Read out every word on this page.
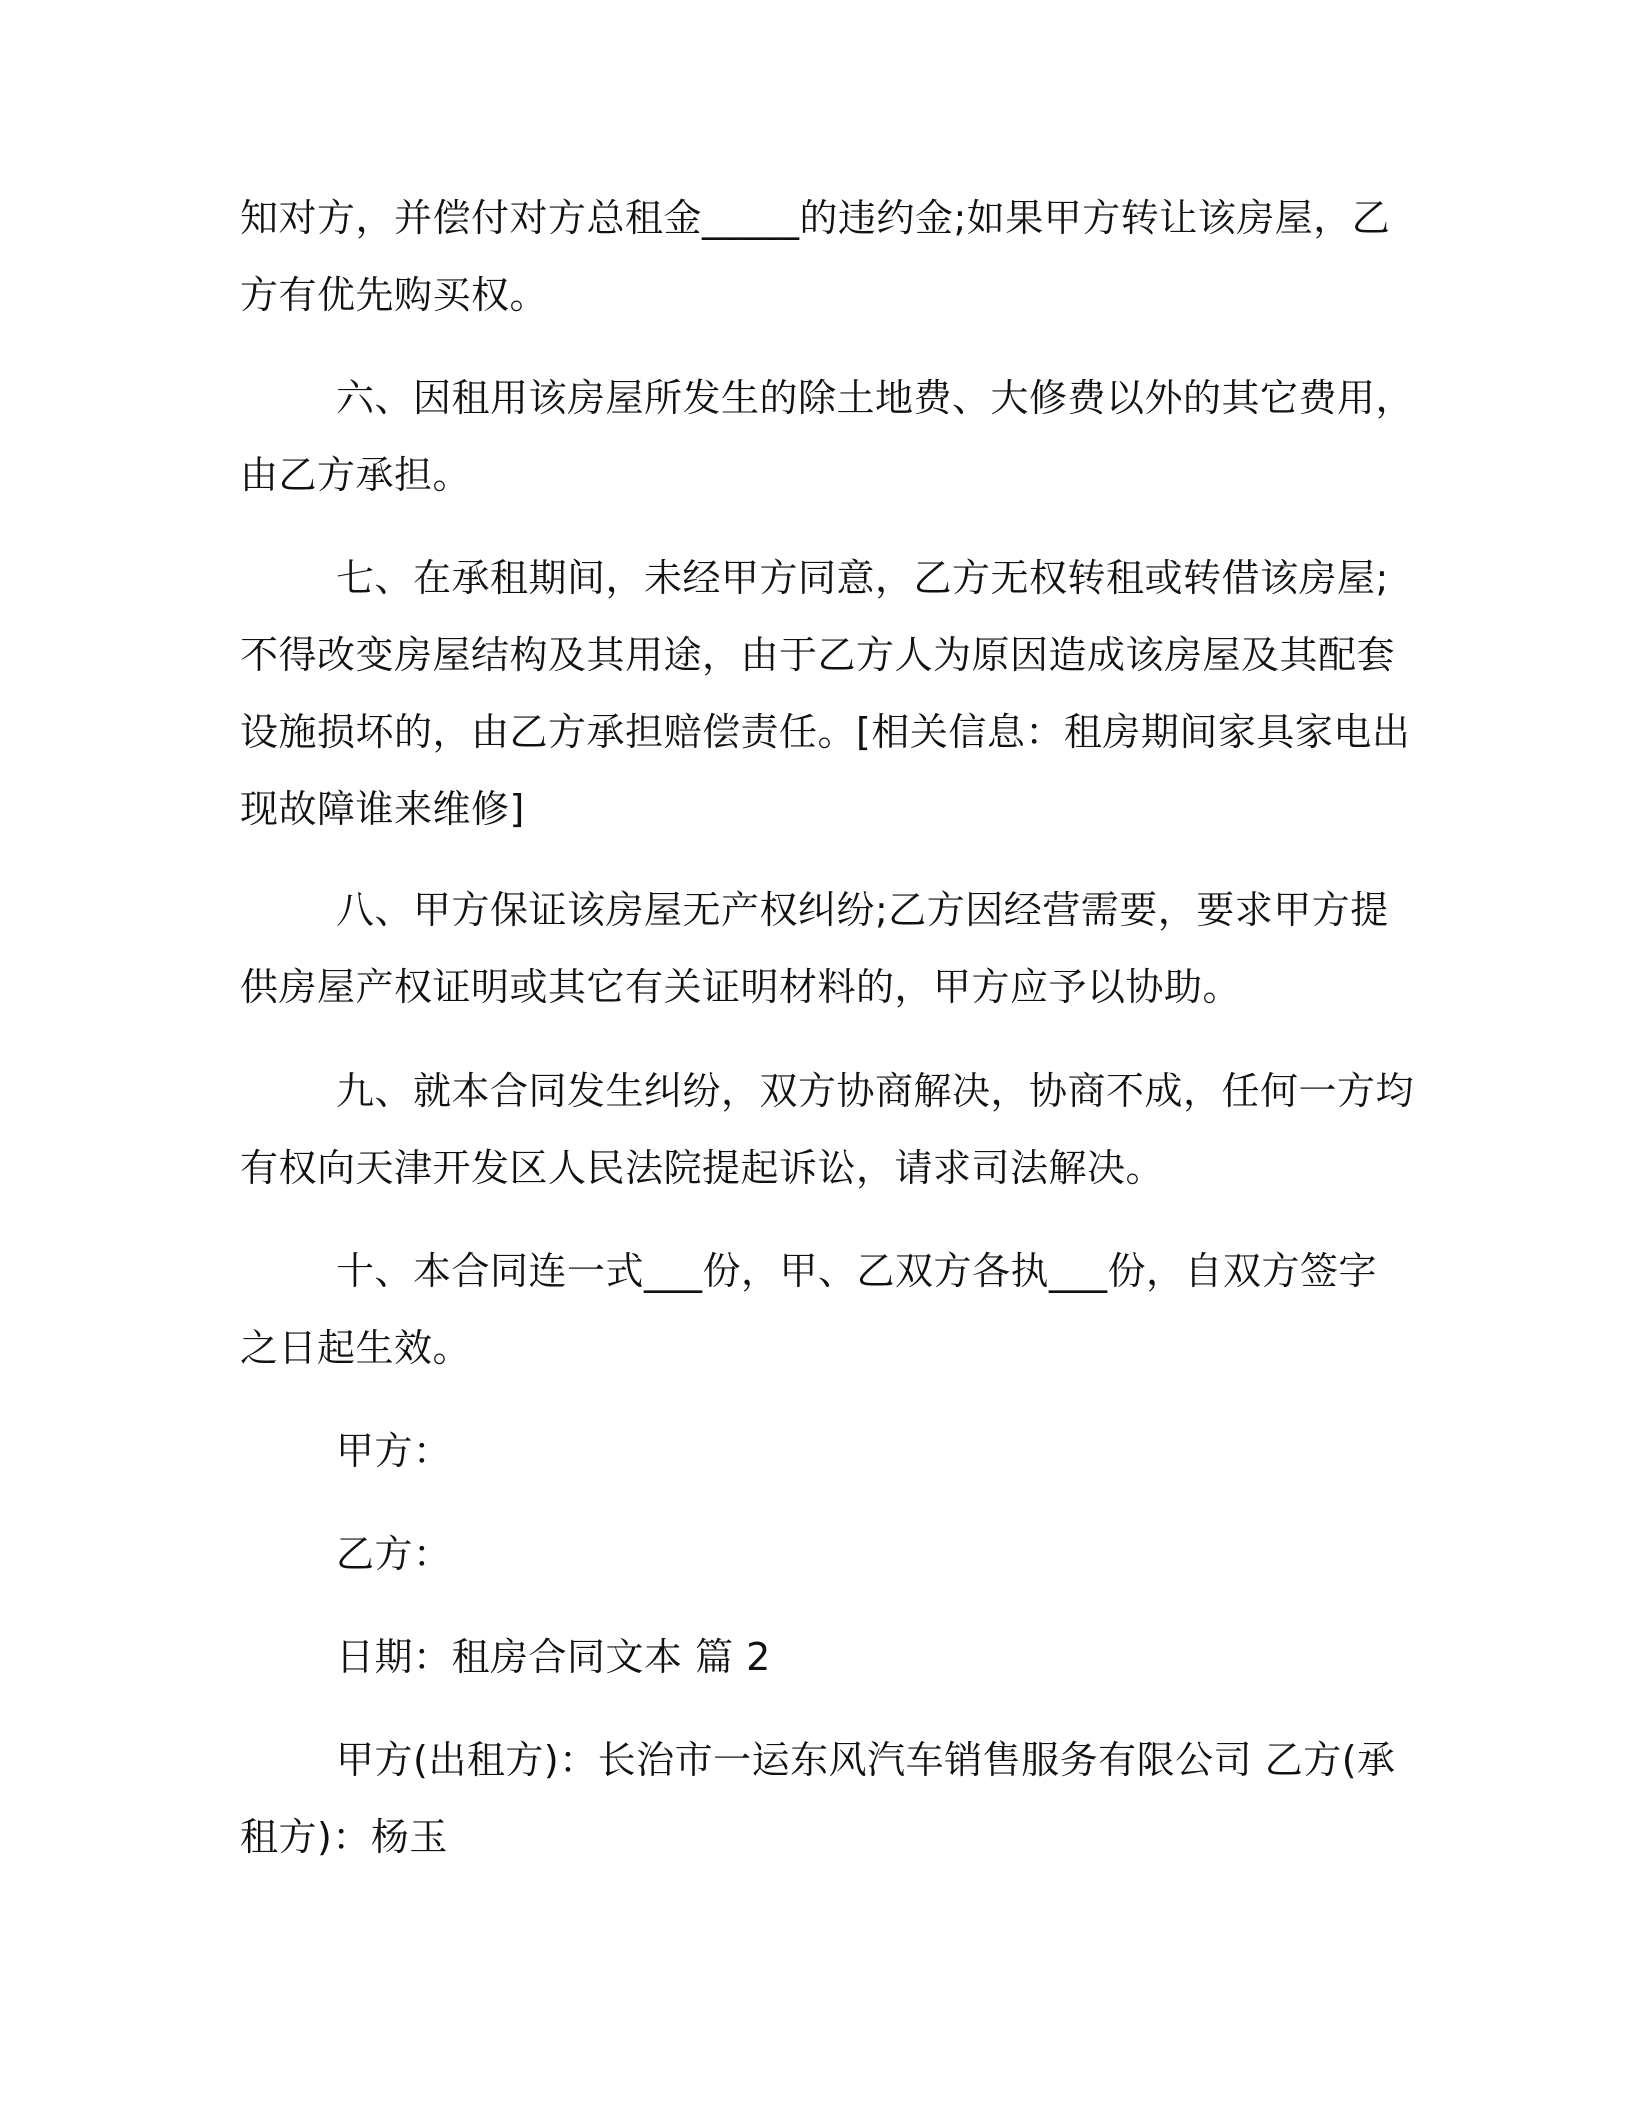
知对方，并偿付对方总租金_____的违约金;如果甲方转让该房屋，乙
方有优先购买权。
六、因租用该房屋所发生的除土地费、大修费以外的其它费用，
由乙方承担。
七、在承租期间，未经甲方同意，乙方无权转租或转借该房屋;
不得改变房屋结构及其用途，由于乙方人为原因造成该房屋及其配套
设施损坏的，由乙方承担赔偿责任。[相关信息：租房期间家具家电出
现故障谁来维修]
八、甲方保证该房屋无产权纠纷;乙方因经营需要，要求甲方提
供房屋产权证明或其它有关证明材料的，甲方应予以协助。
九、就本合同发生纠纷，双方协商解决，协商不成，任何一方均
有权向天津开发区人民法院提起诉讼，请求司法解决。
十、本合同连一式___份，甲、乙双方各执___份，自双方签字
之日起生效。
甲方：
乙方：
日期：租房合同文本 篇 2
甲方(出租方)：长治市一运东风汽车销售服务有限公司 乙方(承
租方)：杨玉
